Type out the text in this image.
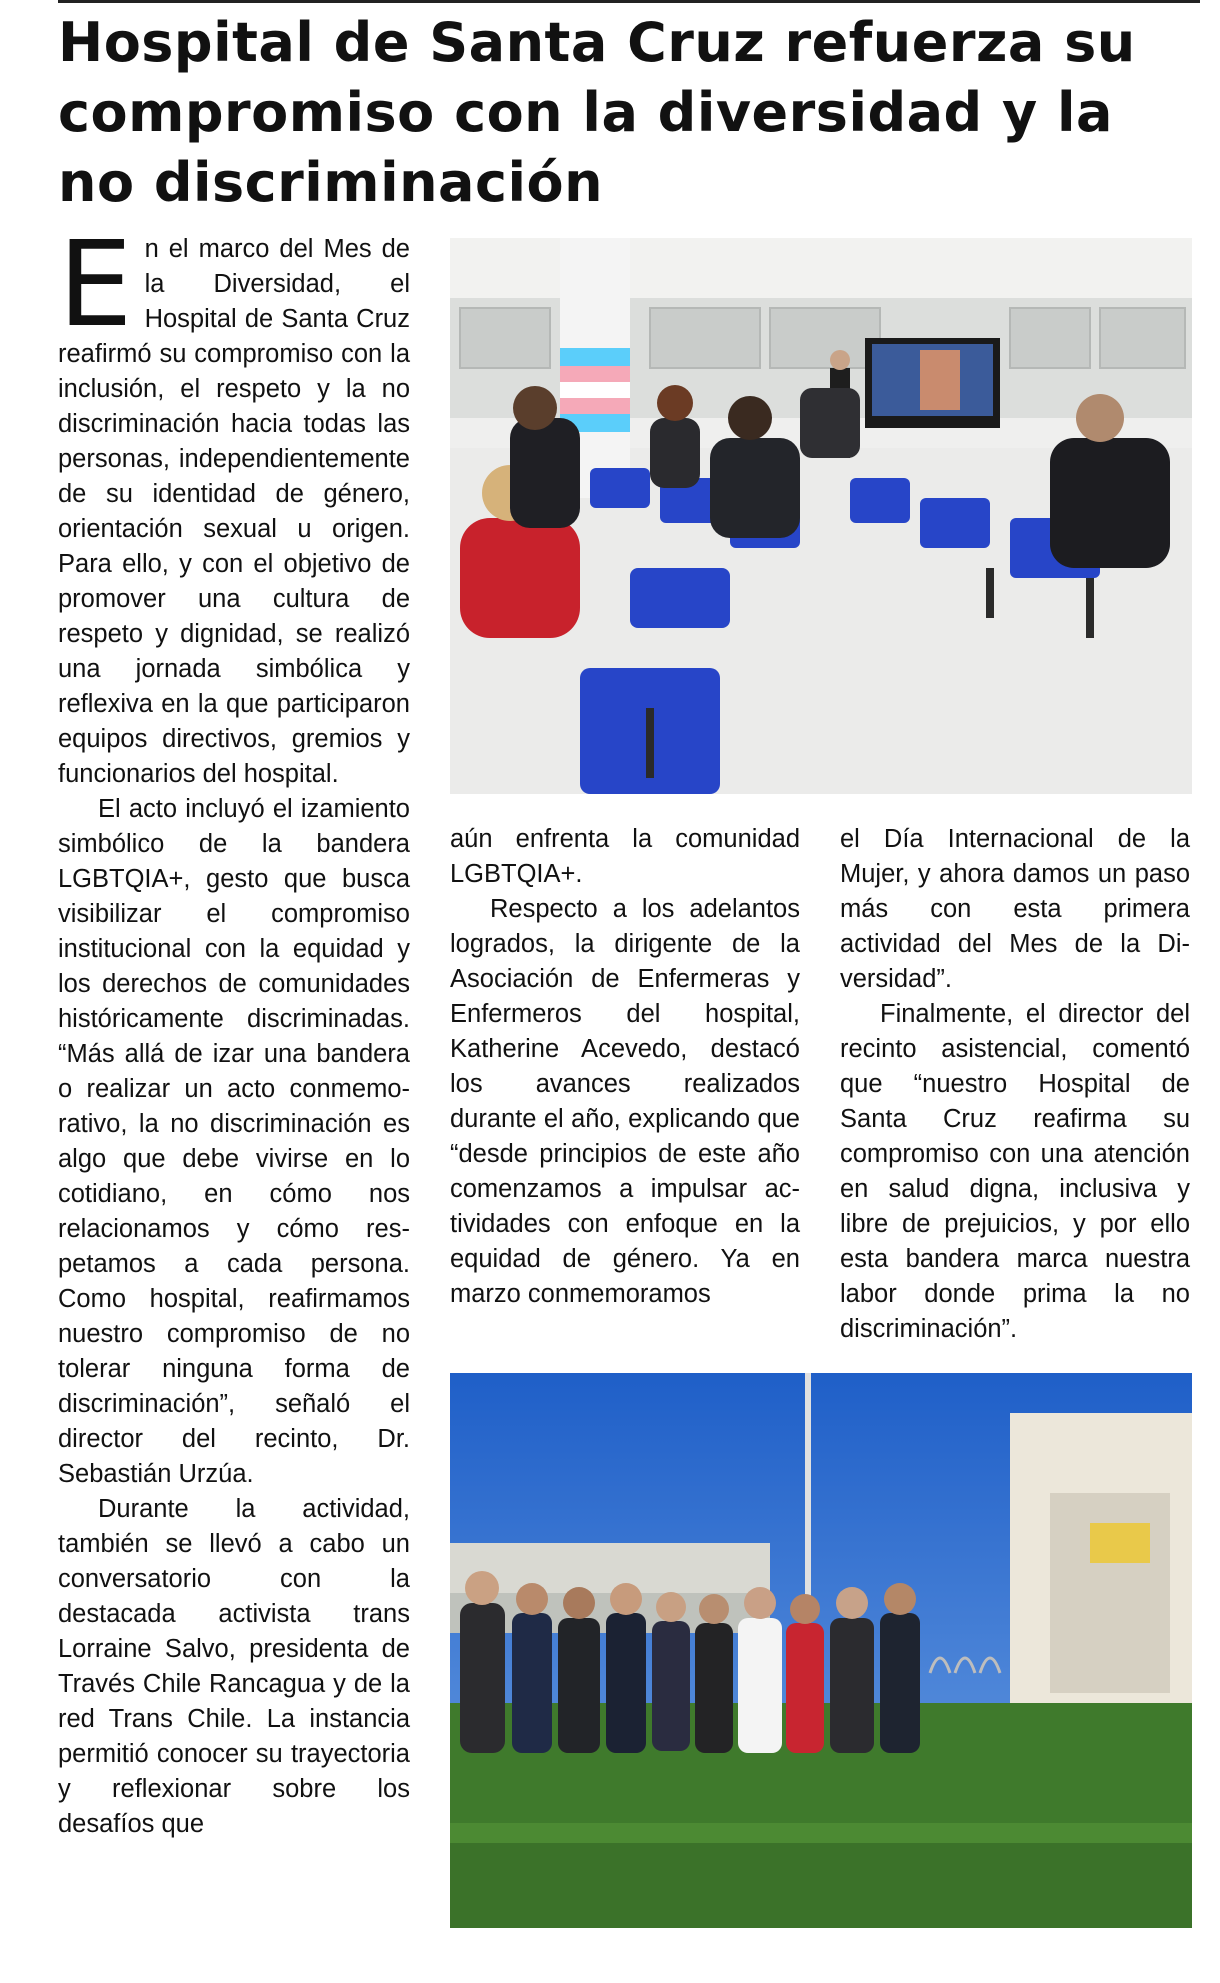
Hospital de Santa Cruz refuerza su compromiso con la diversidad y la no discriminación

En el marco del Mes de la Diversidad, el Hospital de Santa Cruz reafirmó su compromiso con la inclusión, el respeto y la no discriminación hacia todas las personas, independientemente de su identidad de género, orientación sexual u origen. Para ello, y con el objetivo de promover una cultura de respeto y dignidad, se realizó una jornada simbólica y reflexiva en la que participaron equipos directivos, gremios y funcionarios del hospital.

El acto incluyó el izamiento simbólico de la bandera LGBTQIA+, gesto que busca visibilizar el compromiso institucional con la equidad y los derechos de comunidades históricamente discriminadas. “Más allá de izar una bandera o realizar un acto conmemorativo, la no discriminación es algo que debe vivirse en lo cotidiano, en cómo nos relacionamos y cómo respetamos a cada persona. Como hospital, reafirmamos nuestro compromiso de no tolerar ninguna forma de discriminación”, señaló el director del recinto, Dr. Sebastián Urzúa.

Durante la actividad, también se llevó a cabo un conversatorio con la destacada activista trans Lorraine Salvo, presidenta de Través Chile Rancagua y de la red Trans Chile. La instancia permitió conocer su trayectoria y reflexionar sobre los desafíos que

aún enfrenta la comunidad LGBTQIA+.

Respecto a los adelantos logrados, la dirigente de la Asociación de Enfermeras y Enfermeros del hospital, Katherine Acevedo, destacó los avances realizados durante el año, explicando que “desde principios de este año comenzamos a impulsar actividades con enfoque en la equidad de género. Ya en marzo conmemoramos

el Día Internacional de la Mujer, y ahora damos un paso más con esta primera actividad del Mes de la Diversidad”.

Finalmente, el director del recinto asistencial, comentó que “nuestro Hospital de Santa Cruz reafirma su compromiso con una atención en salud digna, inclusiva y libre de prejuicios, y por ello esta bandera marca nuestra labor donde prima la no discriminación”.
